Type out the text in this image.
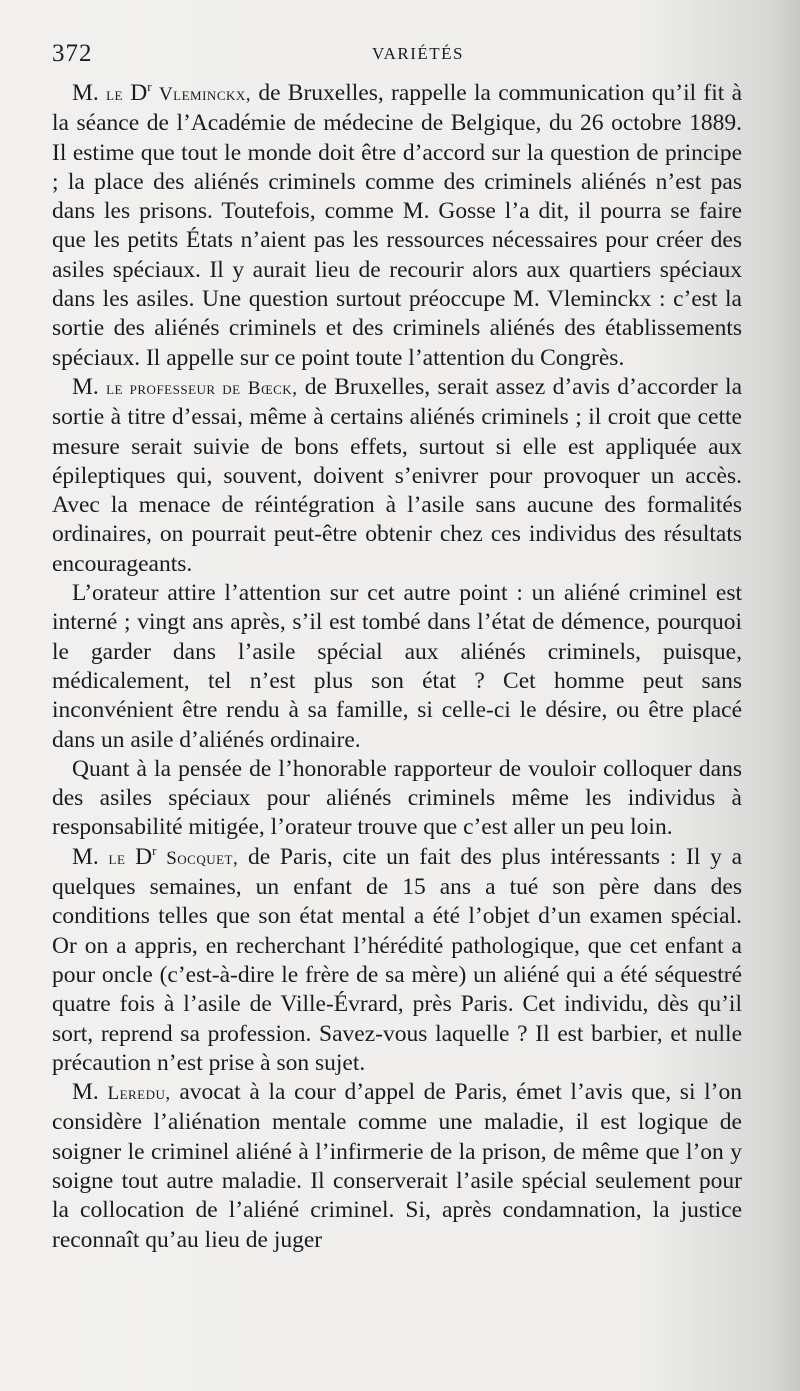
372	VARIÉTÉS

M. le $D^r$ Vleminckx, de Bruxelles, rappelle la communication qu’il fit à la séance de l’Académie de médecine de Belgique, du 26 octobre 1889. Il estime que tout le monde doit être d’accord sur la question de principe ; la place des aliénés criminels comme des criminels aliénés n’est pas dans les prisons. Toutefois, comme M. Gosse l’a dit, il pourra se faire que les petits États n’aient pas les ressources nécessaires pour créer des asiles spéciaux. Il y aurait lieu de recourir alors aux quartiers spéciaux dans les asiles. Une question surtout préoccupe M. Vleminckx : c’est la sortie des aliénés criminels et des criminels aliénés des établissements spéciaux. Il appelle sur ce point toute l’attention du Congrès.

M. le professeur de Bœck, de Bruxelles, serait assez d’avis d’accorder la sortie à titre d’essai, même à certains aliénés criminels ; il croit que cette mesure serait suivie de bons effets, surtout si elle est appliquée aux épileptiques qui, souvent, doivent s’enivrer pour provoquer un accès. Avec la menace de réintégration à l’asile sans aucune des formalités ordinaires, on pourrait peut-être obtenir chez ces individus des résultats encourageants.

L’orateur attire l’attention sur cet autre point : un aliéné criminel est interné ; vingt ans après, s’il est tombé dans l’état de démence, pourquoi le garder dans l’asile spécial aux aliénés criminels, puisque, médicalement, tel n’est plus son état ? Cet homme peut sans inconvénient être rendu à sa famille, si celle-ci le désire, ou être placé dans un asile d’aliénés ordinaire.

Quant à la pensée de l’honorable rapporteur de vouloir colloquer dans des asiles spéciaux pour aliénés criminels même les individus à responsabilité mitigée, l’orateur trouve que c’est aller un peu loin.

M. le $D^r$ Socquet, de Paris, cite un fait des plus intéressants : Il y a quelques semaines, un enfant de 15 ans a tué son père dans des conditions telles que son état mental a été l’objet d’un examen spécial. Or on a appris, en recherchant l’hérédité pathologique, que cet enfant a pour oncle (c’est-à-dire le frère de sa mère) un aliéné qui a été séquestré quatre fois à l’asile de Ville-Évrard, près Paris. Cet individu, dès qu’il sort, reprend sa profession. Savez-vous laquelle ? Il est barbier, et nulle précaution n’est prise à son sujet.

M. Leredu, avocat à la cour d’appel de Paris, émet l’avis que, si l’on considère l’aliénation mentale comme une maladie, il est logique de soigner le criminel aliéné à l’infirmerie de la prison, de même que l’on y soigne tout autre maladie. Il conserverait l’asile spécial seulement pour la collocation de l’aliéné criminel. Si, après condamnation, la justice reconnaît qu’au lieu de juger
